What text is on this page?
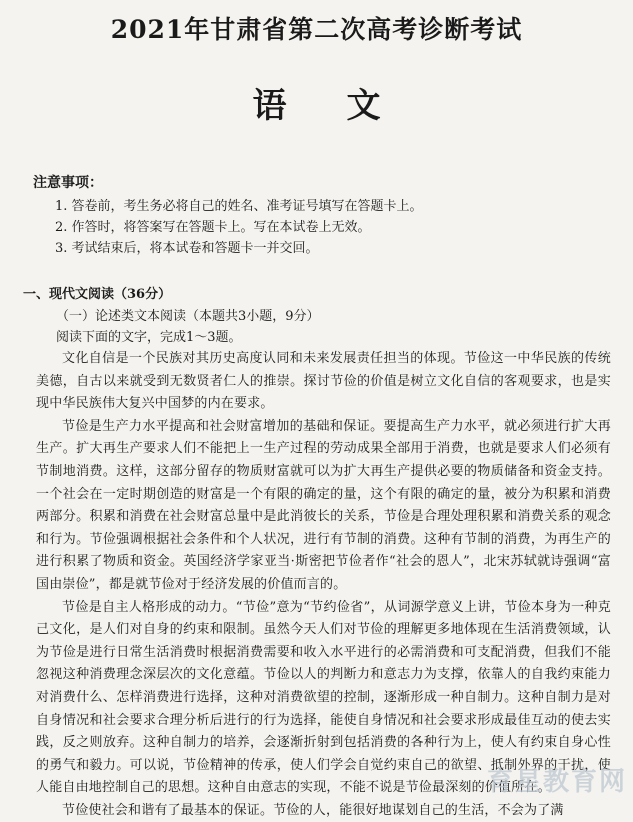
2021年甘肃省第二次高考诊断考试
语文
注意事项：
1. 答卷前，考生务必将自己的姓名、准考证号填写在答题卡上。
2. 作答时，将答案写在答题卡上。写在本试卷上无效。
3. 考试结束后，将本试卷和答题卡一并交回。
一、现代文阅读（36分）
（一）论述类文本阅读（本题共3小题，9分）
阅读下面的文字，完成1～3题。

文化自信是一个民族对其历史高度认同和未来发展责任担当的体现。节俭这一中华民族的传统美德，自古以来就受到无数贤者仁人的推崇。探讨节俭的价值是树立文化自信的客观要求，也是实现中华民族伟大复兴中国梦的内在要求。

节俭是生产力水平提高和社会财富增加的基础和保证。要提高生产力水平，就必须进行扩大再生产。扩大再生产要求人们不能把上一生产过程的劳动成果全部用于消费，也就是要求人们必须有节制地消费。这样，这部分留存的物质财富就可以为扩大再生产提供必要的物质储备和资金支持。一个社会在一定时期创造的财富是一个有限的确定的量，这个有限的确定的量，被分为积累和消费两部分。积累和消费在社会财富总量中是此消彼长的关系，节俭是合理处理积累和消费关系的观念和行为。节俭强调根据社会条件和个人状况，进行有节制的消费。这种有节制的消费，为再生产的进行积累了物质和资金。英国经济学家亚当·斯密把节俭者作“社会的恩人”，北宋苏轼就诗强调“富国由崇俭”，都是就节俭对于经济发展的价值而言的。

节俭是自主人格形成的动力。“节俭”意为“节约俭省”，从词源学意义上讲，节俭本身为一种克己文化，是人们对自身的约束和限制。虽然今天人们对节俭的理解更多地体现在生活消费领域，认为节俭是进行日常生活消费时根据消费需要和收入水平进行的必需消费和可支配消费，但我们不能忽视这种消费理念深层次的文化意蕴。节俭以人的判断力和意志力为支撑，依靠人的自我约束能力对消费什么、怎样消费进行选择，这种对消费欲望的控制，逐渐形成一种自制力。这种自制力是对自身情况和社会要求合理分析后进行的行为选择，能使自身情况和社会要求形成最佳互动的使去实践，反之则放弃。这种自制力的培养，会逐渐折射到包括消费的各种行为上，使人有约束自身心性的勇气和毅力。可以说，节俭精神的传承，使人们学会自觉约束自己的欲望、抵制外界的干扰，使人能自由地控制自己的思想。这种自由意志的实现，不能不说是节俭最深刻的价值所在。

节俭使社会和谐有了最基本的保证。节俭的人，能很好地谋划自己的生活，不会为了满

育星教育网
